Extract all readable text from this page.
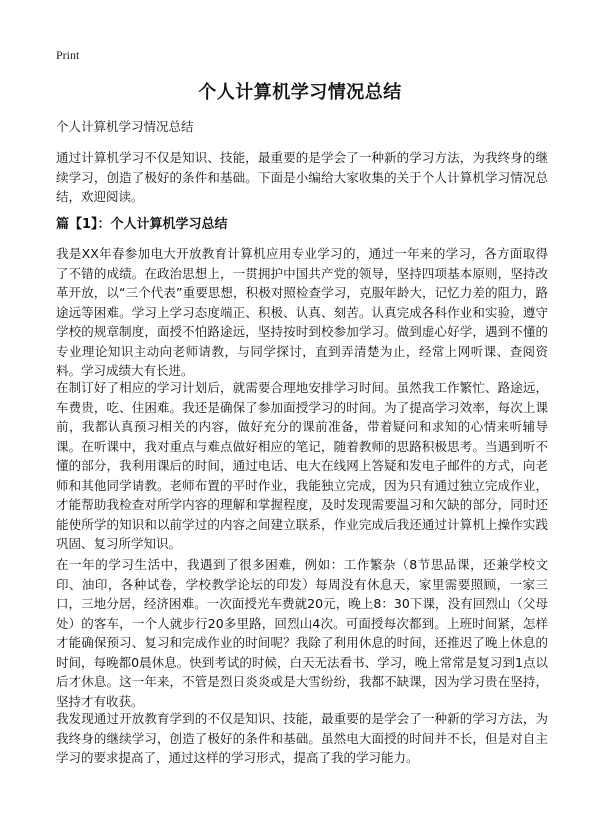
Print
个人计算机学习情况总结
个人计算机学习情况总结
通过计算机学习不仅是知识、技能，最重要的是学会了一种新的学习方法，为我终身的继续学习，创造了极好的条件和基础。下面是小编给大家收集的关于个人计算机学习情况总结，欢迎阅读。
篇【1】：个人计算机学习总结
我是XX年春参加电大开放教育计算机应用专业学习的，通过一年来的学习，各方面取得了不错的成绩。在政治思想上，一贯拥护中国共产党的领导，坚持四项基本原则，坚持改革开放，以“三个代表”重要思想，积极对照检查学习，克服年龄大，记忆力差的阻力，路途远等困难。学习上学习态度端正、积极、认真、刻苦。认真完成各科作业和实验，遵守学校的规章制度，面授不怕路途远，坚持按时到校参加学习。做到虚心好学，遇到不懂的专业理论知识主动向老师请教，与同学探讨，直到弄清楚为止，经常上网听课、查阅资料。学习成绩大有长进。
在制订好了相应的学习计划后，就需要合理地安排学习时间。虽然我工作繁忙、路途远，车费贵，吃、住困难。我还是确保了参加面授学习的时间。为了提高学习效率，每次上课前，我都认真预习相关的内容，做好充分的课前准备，带着疑问和求知的心情来听辅导课。在听课中，我对重点与难点做好相应的笔记，随着教师的思路积极思考。当遇到听不懂的部分，我利用课后的时间，通过电话、电大在线网上答疑和发电子邮件的方式，向老师和其他同学请教。老师布置的平时作业，我能独立完成，因为只有通过独立完成作业，才能帮助我检查对所学内容的理解和掌握程度，及时发现需要温习和欠缺的部分，同时还能使所学的知识和以前学过的内容之间建立联系，作业完成后我还通过计算机上操作实践巩固、复习所学知识。
在一年的学习生活中，我遇到了很多困难，例如：工作繁杂（8节思品课，还兼学校文印、油印，各种试卷，学校教学论坛的印发）每周没有休息天，家里需要照顾，一家三口，三地分居，经济困难。一次面授光车费就20元，晚上8：30下课，没有回烈山（父母处）的客车，一个人就步行20多里路，回烈山4次。可面授每次都到。上班时间紧，怎样才能确保预习、复习和完成作业的时间呢？我除了利用休息的时间，还推迟了晚上休息的时间，每晚都0晨休息。快到考试的时候，白天无法看书、学习，晚上常常是复习到1点以后才休息。这一年来，不管是烈日炎炎或是大雪纷纷，我都不缺课，因为学习贵在坚持，坚持才有收获。
我发现通过开放教育学到的不仅是知识、技能，最重要的是学会了一种新的学习方法，为我终身的继续学习，创造了极好的条件和基础。虽然电大面授的时间并不长，但是对自主学习的要求提高了，通过这样的学习形式，提高了我的学习能力。
